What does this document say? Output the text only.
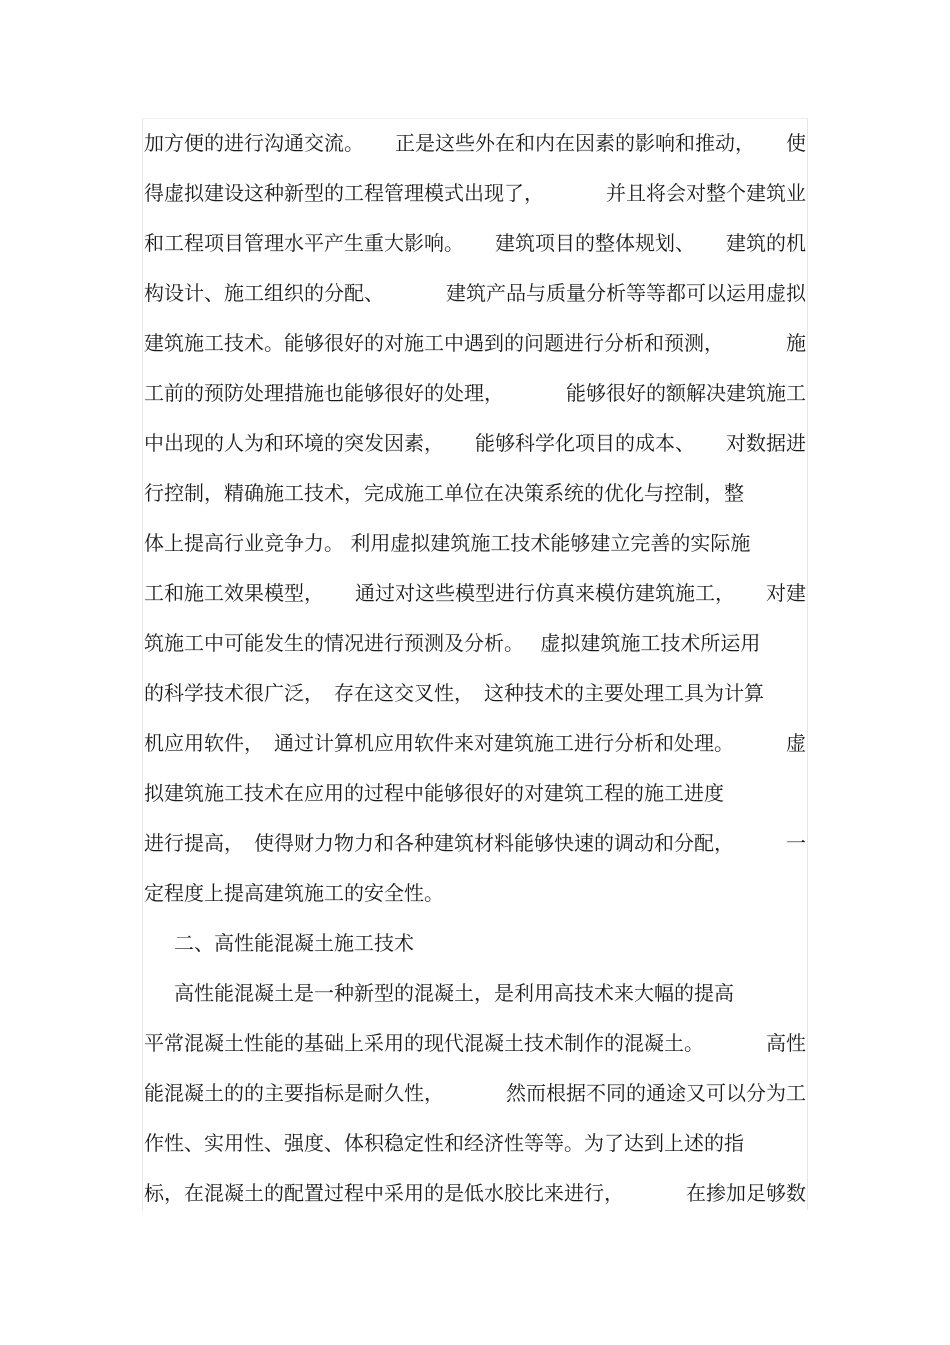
加方便的进行沟通交流。 正是这些外在和内在因素的影响和推动， 使
得虚拟建设这种新型的工程管理模式出现了，	并且将会对整个建筑业
和工程项目管理水平产生重大影响。 建筑项目的整体规划、 建筑的机
构设计、施工组织的分配、	建筑产品与质量分析等等都可以运用虚拟
建筑施工技术。能够很好的对施工中遇到的问题进行分析和预测，	施
工前的预防处理措施也能够很好的处理，	能够很好的额解决建筑施工
中出现的人为和环境的突发因素， 能够科学化项目的成本、 对数据进
行控制，精确施工技术，完成施工单位在决策系统的优化与控制，整
体上提高行业竞争力。 利用虚拟建筑施工技术能够建立完善的实际施
工和施工效果模型， 通过对这些模型进行仿真来模仿建筑施工， 对建
筑施工中可能发生的情况进行预测及分析。　 虚拟建筑施工技术所运用
的科学技术很广泛，　存在这交叉性，　这种技术的主要处理工具为计算
机应用软件，　通过计算机应用软件来对建筑施工进行分析和处理。	虚
拟建筑施工技术在应用的过程中能够很好的对建筑工程的施工进度
进行提高，　使得财力物力和各种建筑材料能够快速的调动和分配，	一
定程度上提高建筑施工的安全性。
二、高性能混凝土施工技术
高性能混凝土是一种新型的混凝土，是利用高技术来大幅的提高
平常混凝土性能的基础上采用的现代混凝土技术制作的混凝土。	高性
能混凝土的的主要指标是耐久性，	然而根据不同的通途又可以分为工
作性、实用性、强度、体积稳定性和经济性等等。为了达到上述的指
标，在混凝土的配置过程中采用的是低水胶比来进行，	在掺加足够数
